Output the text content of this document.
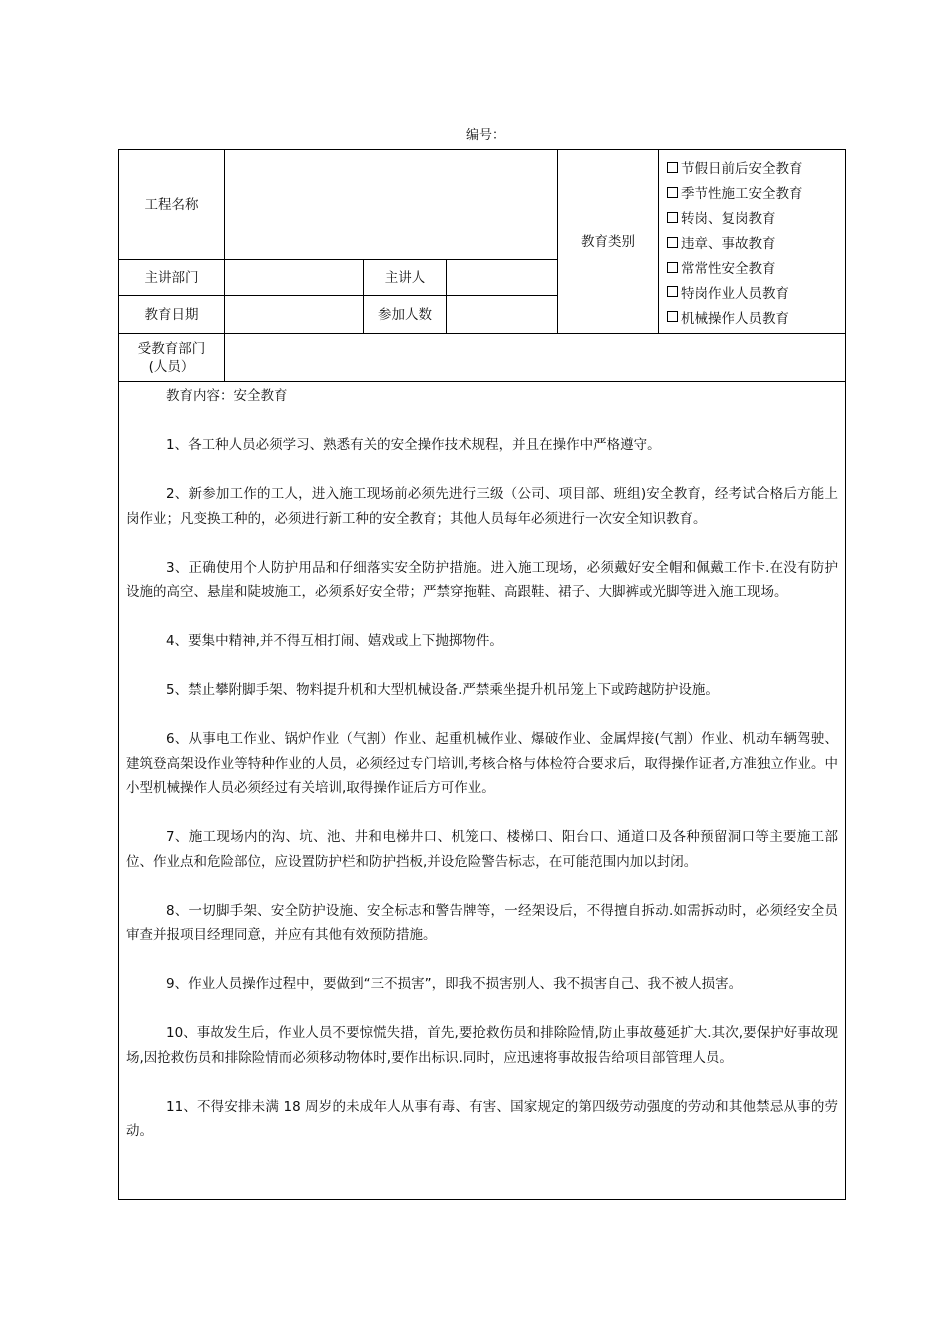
编号：
工程名称
主讲部门	主讲人
教育日期	参加人数
教育类别
节假日前后安全教育
季节性施工安全教育
转岗、复岗教育
违章、事故教育
常常性安全教育
特岗作业人员教育
机械操作人员教育
受教育部门
(人员）

教育内容：安全教育

1、各工种人员必须学习、熟悉有关的安全操作技术规程，并且在操作中严格遵守。

2、新参加工作的工人，进入施工现场前必须先进行三级（公司、项目部、班组)安全教育，经考试合格后方能上岗作业；凡变换工种的，必须进行新工种的安全教育；其他人员每年必须进行一次安全知识教育。

3、正确使用个人防护用品和仔细落实安全防护措施。进入施工现场，必须戴好安全帽和佩戴工作卡.在没有防护设施的高空、悬崖和陡坡施工，必须系好安全带；严禁穿拖鞋、高跟鞋、裙子、大脚裤或光脚等进入施工现场。

4、要集中精神,并不得互相打闹、嬉戏或上下抛掷物件。

5、禁止攀附脚手架、物料提升机和大型机械设备.严禁乘坐提升机吊笼上下或跨越防护设施。

6、从事电工作业、锅炉作业（气割）作业、起重机械作业、爆破作业、金属焊接(气割）作业、机动车辆驾驶、建筑登高架设作业等特种作业的人员，必须经过专门培训,考核合格与体检符合要求后，取得操作证者,方准独立作业。中小型机械操作人员必须经过有关培训,取得操作证后方可作业。

7、施工现场内的沟、坑、池、井和电梯井口、机笼口、楼梯口、阳台口、通道口及各种预留洞口等主要施工部位、作业点和危险部位，应设置防护栏和防护挡板,并设危险警告标志，在可能范围内加以封闭。

8、一切脚手架、安全防护设施、安全标志和警告牌等，一经架设后，不得擅自拆动.如需拆动时，必须经安全员审查并报项目经理同意，并应有其他有效预防措施。

9、作业人员操作过程中，要做到“三不损害”，即我不损害别人、我不损害自己、我不被人损害。

10、事故发生后，作业人员不要惊慌失措，首先,要抢救伤员和排除险情,防止事故蔓延扩大.其次,要保护好事故现场,因抢救伤员和排除险情而必须移动物体时,要作出标识.同时，应迅速将事故报告给项目部管理人员。

11、不得安排未满 18 周岁的未成年人从事有毒、有害、国家规定的第四级劳动强度的劳动和其他禁忌从事的劳动。
